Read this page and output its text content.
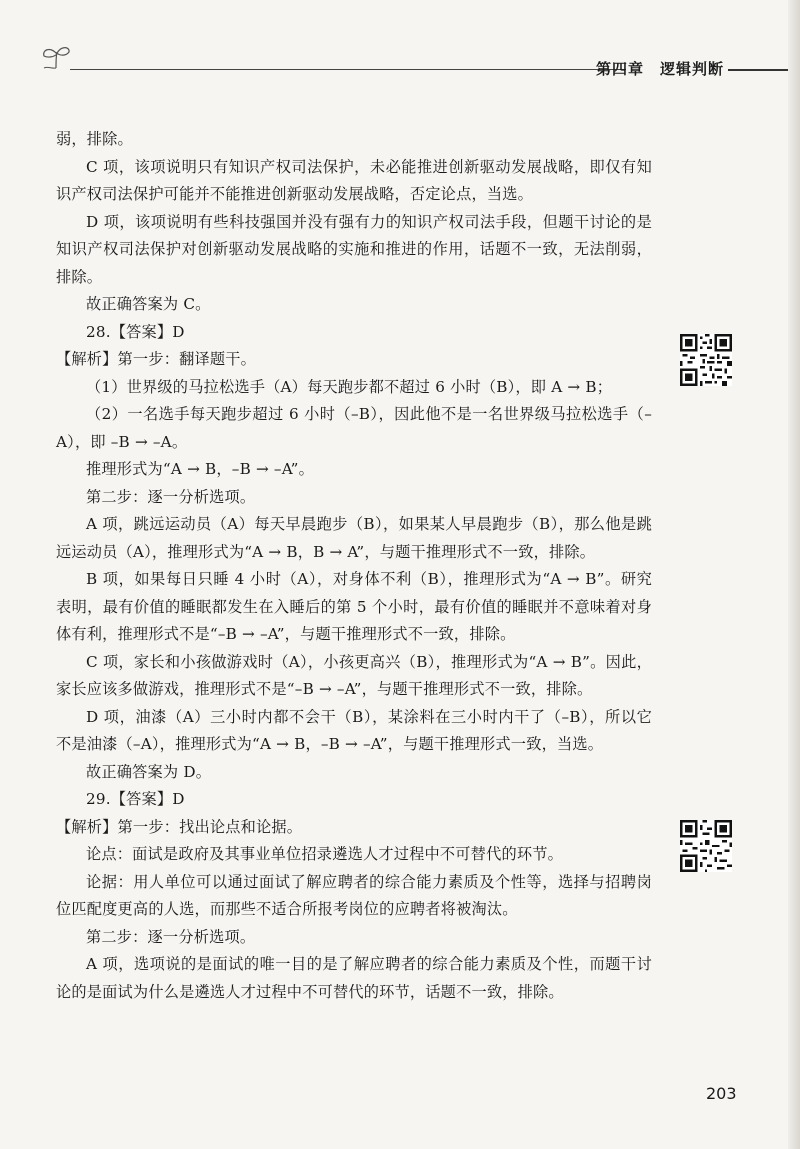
第四章　逻辑判断

弱，排除。

C 项，该项说明只有知识产权司法保护，未必能推进创新驱动发展战略，即仅有知识产权司法保护可能并不能推进创新驱动发展战略，否定论点，当选。

D 项，该项说明有些科技强国并没有强有力的知识产权司法手段，但题干讨论的是知识产权司法保护对创新驱动发展战略的实施和推进的作用，话题不一致，无法削弱，排除。

故正确答案为 C。

28.【答案】D

【解析】第一步：翻译题干。

（1）世界级的马拉松选手（A）每天跑步都不超过 6 小时（B），即 A → B；

（2）一名选手每天跑步超过 6 小时（–B），因此他不是一名世界级马拉松选手（–A），即 –B → –A。

推理形式为“A → B，–B → –A”。

第二步：逐一分析选项。

A 项，跳远运动员（A）每天早晨跑步（B），如果某人早晨跑步（B），那么他是跳远运动员（A），推理形式为“A → B，B → A”，与题干推理形式不一致，排除。

B 项，如果每日只睡 4 小时（A），对身体不利（B），推理形式为“A → B”。研究表明，最有价值的睡眠都发生在入睡后的第 5 个小时，最有价值的睡眠并不意味着对身体有利，推理形式不是“–B → –A”，与题干推理形式不一致，排除。

C 项，家长和小孩做游戏时（A），小孩更高兴（B），推理形式为“A → B”。因此，家长应该多做游戏，推理形式不是“–B → –A”，与题干推理形式不一致，排除。

D 项，油漆（A）三小时内都不会干（B），某涂料在三小时内干了（–B），所以它不是油漆（–A），推理形式为“A → B，–B → –A”，与题干推理形式一致，当选。

故正确答案为 D。

29.【答案】D

【解析】第一步：找出论点和论据。

论点：面试是政府及其事业单位招录遴选人才过程中不可替代的环节。

论据：用人单位可以通过面试了解应聘者的综合能力素质及个性等，选择与招聘岗位匹配度更高的人选，而那些不适合所报考岗位的应聘者将被淘汰。

第二步：逐一分析选项。

A 项，选项说的是面试的唯一目的是了解应聘者的综合能力素质及个性，而题干讨论的是面试为什么是遴选人才过程中不可替代的环节，话题不一致，排除。

203
